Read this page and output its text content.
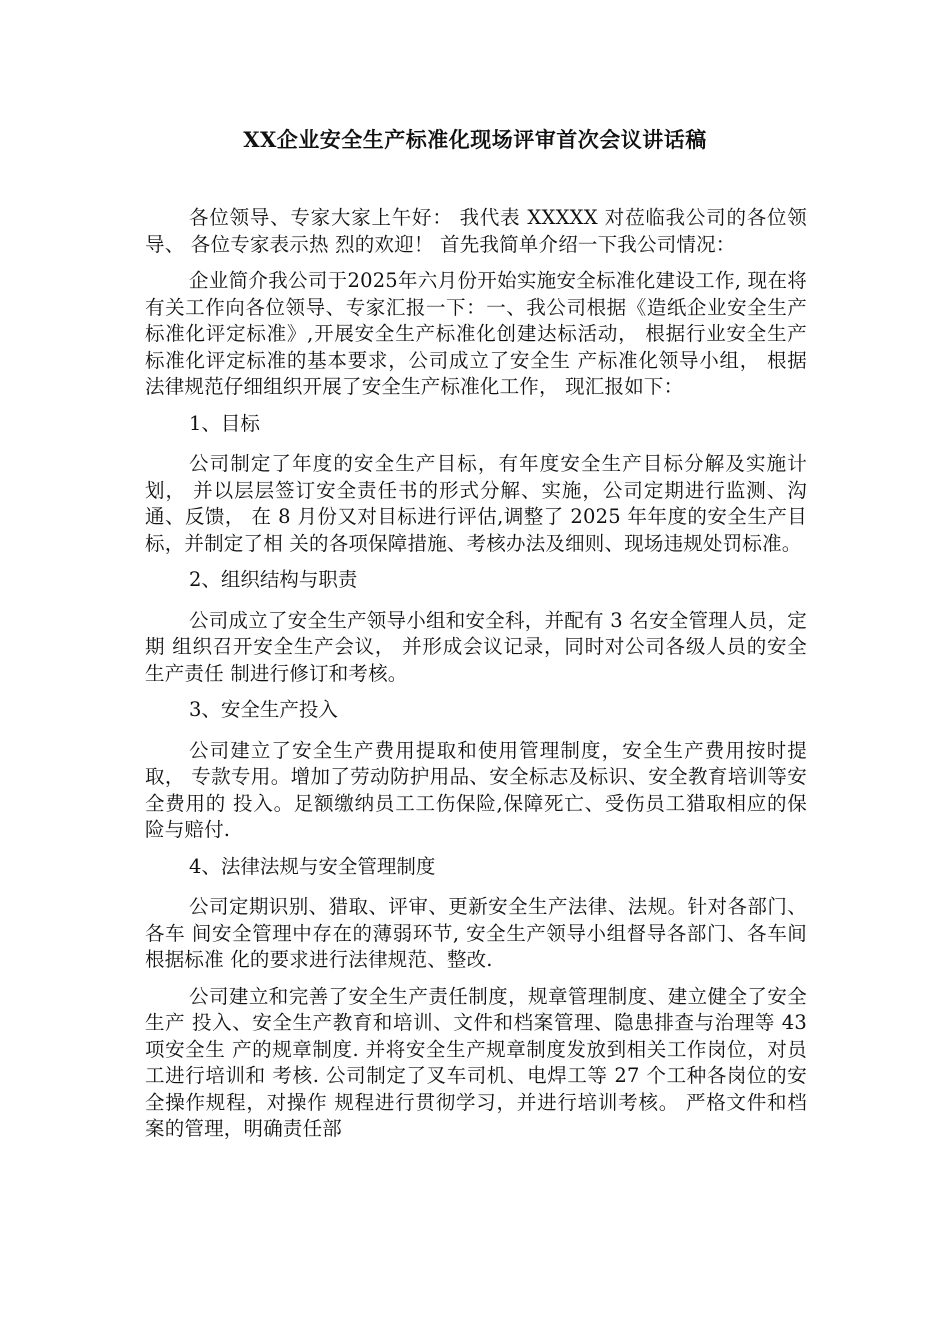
XX企业安全生产标准化现场评审首次会议讲话稿

各位领导、专家大家上午好： 我代表 XXXXX 对莅临我公司的各位领导、 各位专家表示热 烈的欢迎！ 首先我简单介绍一下我公司情况：

企业简介我公司于2025年六月份开始实施安全标准化建设工作, 现在将有关工作向各位领导、专家汇报一下：一、我公司根据《造纸企业安全生产标准化评定标准》,开展安全生产标准化创建达标活动， 根据行业安全生产标准化评定标准的基本要求，公司成立了安全生 产标准化领导小组， 根据法律规范仔细组织开展了安全生产标准化工作， 现汇报如下：

1、目标

公司制定了年度的安全生产目标，有年度安全生产目标分解及实施计划， 并以层层签订安全责任书的形式分解、实施，公司定期进行监测、沟通、反馈， 在 8 月份又对目标进行评估,调整了 2025 年年度的安全生产目标，并制定了相 关的各项保障措施、考核办法及细则、现场违规处罚标准。

2、组织结构与职责

公司成立了安全生产领导小组和安全科，并配有 3 名安全管理人员，定期 组织召开安全生产会议， 并形成会议记录，同时对公司各级人员的安全生产责任 制进行修订和考核。

3、安全生产投入

公司建立了安全生产费用提取和使用管理制度，安全生产费用按时提取， 专款专用。增加了劳动防护用品、安全标志及标识、安全教育培训等安全费用的 投入。足额缴纳员工工伤保险,保障死亡、受伤员工猎取相应的保险与赔付.

4、法律法规与安全管理制度

公司定期识别、猎取、评审、更新安全生产法律、法规。针对各部门、各车 间安全管理中存在的薄弱环节, 安全生产领导小组督导各部门、各车间根据标准 化的要求进行法律规范、整改.

公司建立和完善了安全生产责任制度，规章管理制度、建立健全了安全生产 投入、安全生产教育和培训、文件和档案管理、隐患排查与治理等 43 项安全生 产的规章制度. 并将安全生产规章制度发放到相关工作岗位，对员工进行培训和 考核. 公司制定了叉车司机、电焊工等 27 个工种各岗位的安全操作规程，对操作 规程进行贯彻学习，并进行培训考核。 严格文件和档案的管理，明确责任部
